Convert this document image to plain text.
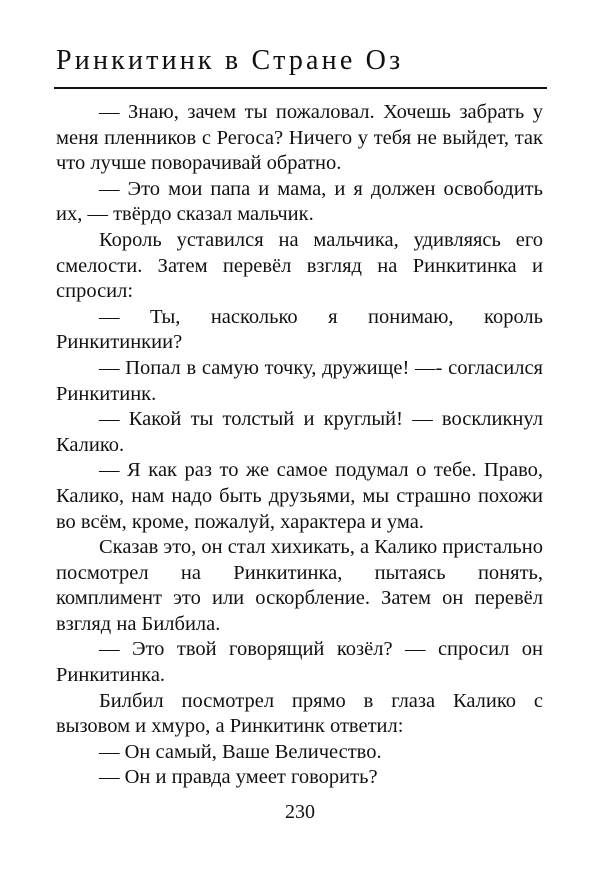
Ринкитинк в Стране Оз

— Знаю, зачем ты пожаловал. Хочешь забрать у меня пленников с Регоса? Ничего у тебя не выйдет, так что лучше поворачивай обратно.

— Это мои папа и мама, и я должен освободить их, — твёрдо сказал мальчик.

Король уставился на мальчика, удивляясь его смелости. Затем перевёл взгляд на Ринкитинка и спросил:

— Ты, насколько я понимаю, король Ринкитинкии?

— Попал в самую точку, дружище! —- согласился Ринкитинк.

— Какой ты толстый и круглый! — воскликнул Калико.

— Я как раз то же самое подумал о тебе. Право, Калико, нам надо быть друзьями, мы страшно похожи во всём, кроме, пожалуй, характера и ума.

Сказав это, он стал хихикать, а Калико пристально посмотрел на Ринкитинка, пытаясь понять, комплимент это или оскорбление. Затем он перевёл взгляд на Билбила.

— Это твой говорящий козёл? — спросил он Ринкитинка.

Билбил посмотрел прямо в глаза Калико с вызовом и хмуро, а Ринкитинк ответил:

— Он самый, Ваше Величество.

— Он и правда умеет говорить?

230
